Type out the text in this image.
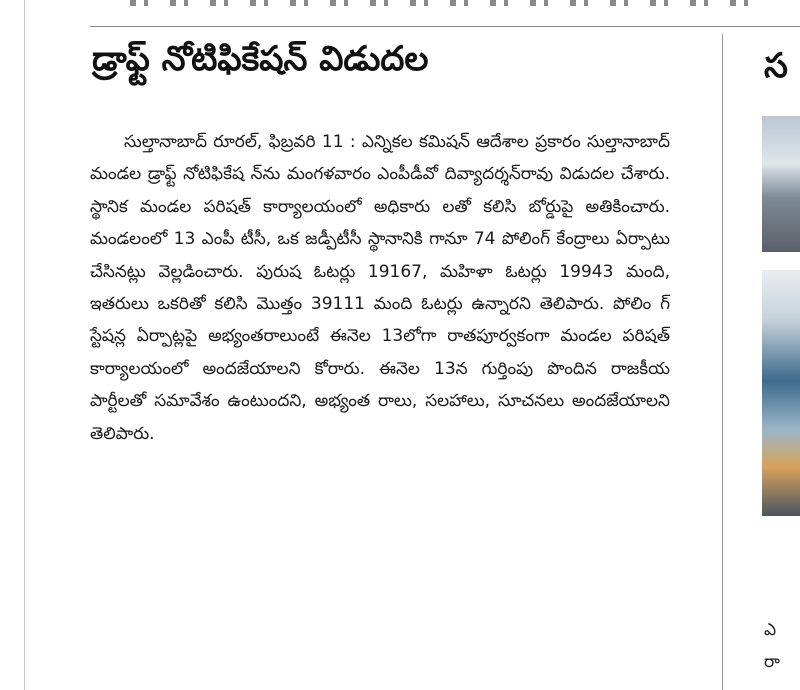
డ్రాఫ్ట్ నోటిఫికేషన్ విడుదల

సుల్తానాబాద్ రూరల్, ఫిబ్రవరి 11 : ఎన్నికల కమిషన్ ఆదేశాల ప్రకారం సుల్తానాబాద్ మండల డ్రాఫ్ట్ నోటిఫికేష న్‌ను మంగళవారం ఎంపీడీవో దివ్యాదర్శన్‌రావు విడుదల చేశారు. స్థానిక మండల పరిషత్ కార్యాలయంలో అధికారు లతో కలిసి బోర్డుపై అతికించారు. మండలంలో 13 ఎంపీ టీసీ, ఒక జడ్పీటీసీ స్థానానికి గానూ 74 పోలింగ్ కేంద్రాలు ఏర్పాటు చేసినట్లు వెల్లడించారు. పురుష ఓటర్లు 19167, మహిళా ఓటర్లు 19943 మంది, ఇతరులు ఒకరితో కలిసి మొత్తం 39111 మంది ఓటర్లు ఉన్నారని తెలిపారు. పోలిం గ్ స్టేషన్ల ఏర్పాట్లపై అభ్యంతరాలుంటే ఈనెల 13లోగా రాతపూర్వకంగా మండల పరిషత్ కార్యాలయంలో అందజేయాలని కోరారు. ఈనెల 13న గుర్తింపు పొందిన రాజకీయ పార్టీలతో సమావేశం ఉంటుందని, అభ్యంత రాలు, సలహాలు, సూచనలు అందజేయాలని తెలిపారు.

స
ఎ
రా
